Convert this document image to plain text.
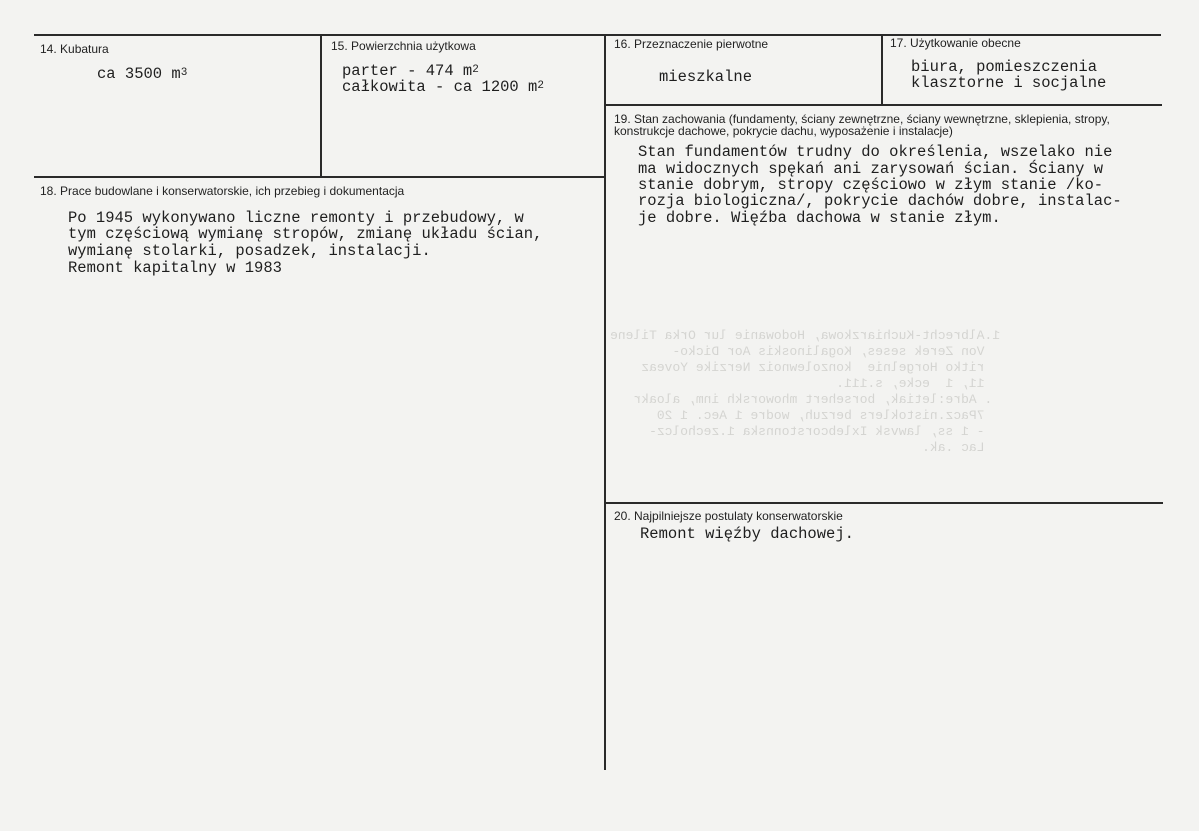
1.Albrecht-Kuchiarzkowa, Hodowanie lur Orka Tilene
Von Zerek seses, Kogalinoskis Aor Dicko-
ritko Horgelnie  konzolewnoiz Nerzike Yoveaz
11, 1  ecke, s.111.
. Adre:letiak, borsehert mhoworskh inm, aloakr
7Pacz.nistoklers berzuh, wodre 1 Aec. 1 20
- 1 ss, lawvsk Ixlebcorstonnska 1.zecholcz-
Lac .ak.
14. Kubatura
ca 3500 $m^3$
15. Powierzchnia użytkowa
parter - 474 $m^2$
całkowita - ca 1200 $m^2$
16. Przeznaczenie pierwotne
mieszkalne
17. Użytkowanie obecne
biura, pomieszczenia
klasztorne i socjalne
18. Prace budowlane i konserwatorskie, ich przebieg i dokumentacja
Po 1945 wykonywano liczne remonty i przebudowy, w
tym częściową wymianę stropów, zmianę układu ścian,
wymianę stolarki, posadzek, instalacji.
Remont kapitalny w 1983
19. Stan zachowania (fundamenty, ściany zewnętrzne, ściany wewnętrzne, sklepienia, stropy,
konstrukcje dachowe, pokrycie dachu, wyposażenie i instalacje)
Stan fundamentów trudny do określenia, wszelako nie
ma widocznych spękań ani zarysowań ścian. Ściany w
stanie dobrym, stropy częściowo w złym stanie /ko-
rozja biologiczna/, pokrycie dachów dobre, instalac-
je dobre. Więźba dachowa w stanie złym.
20. Najpilniejsze postulaty konserwatorskie
Remont więźby dachowej.
